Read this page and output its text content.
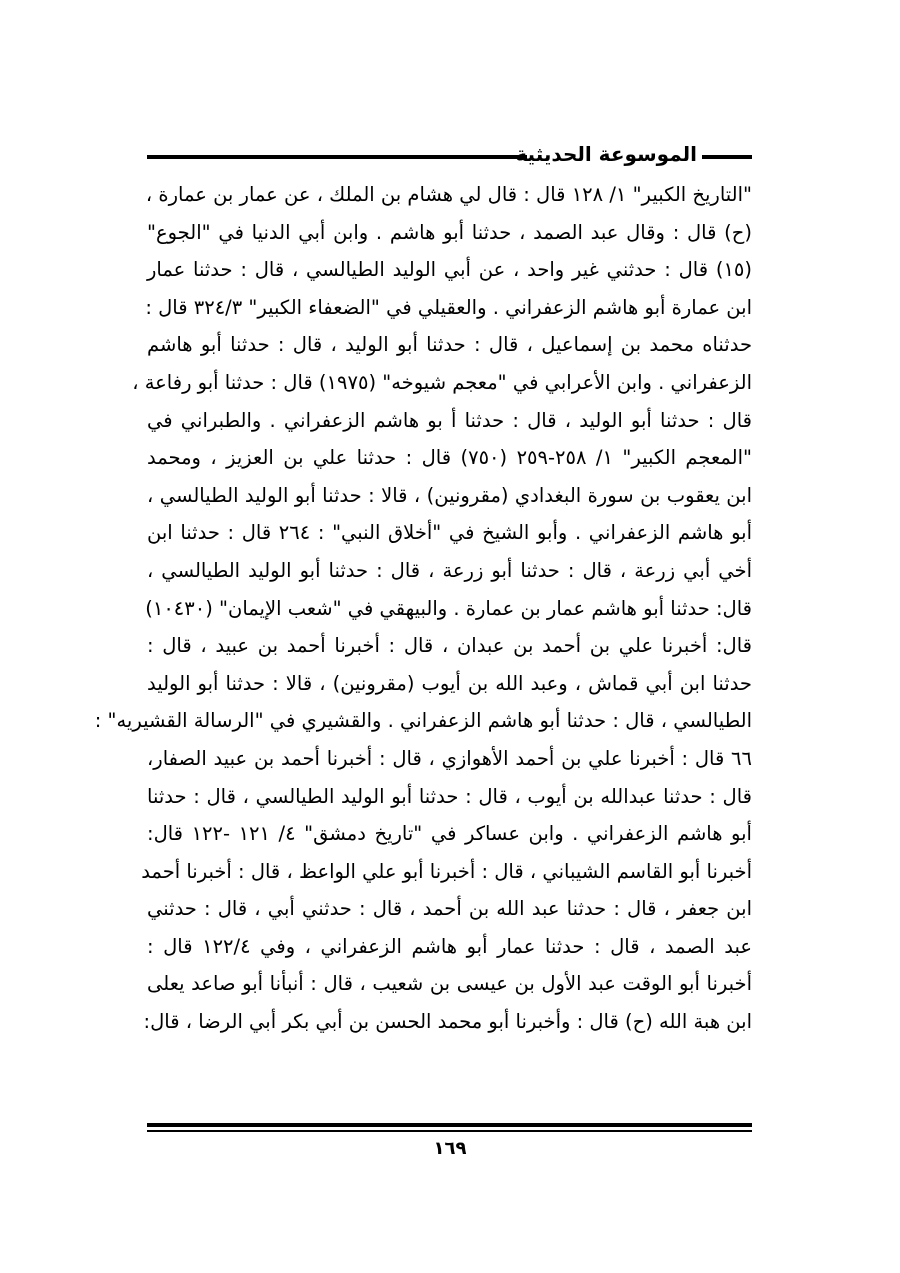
الموسوعة الحديثية
"التاريخ الكبير" ١/ ١٢٨ قال : قال لي هشام بن الملك ، عن عمار بن عمارة ،
(ح) قال : وقال عبد الصمد ، حدثنا أبو هاشم . وابن أبي الدنيا في "الجوع"
(١٥) قال : حدثني غير واحد ، عن أبي الوليد الطيالسي ، قال : حدثنا عمار
ابن عمارة أبو هاشم الزعفراني . والعقيلي في "الضعفاء الكبير" ٣٢٤/٣ قال :
حدثناه محمد بن إسماعيل ، قال : حدثنا أبو الوليد ، قال : حدثنا أبو هاشم
الزعفراني . وابن الأعرابي في "معجم شيوخه" (١٩٧٥) قال : حدثنا أبو رفاعة ،
قال : حدثنا أبو الوليد ، قال : حدثنا أ بو هاشم الزعفراني . والطبراني في
"المعجم الكبير" ١/ ٢٥٨-٢٥٩ (٧٥٠) قال : حدثنا علي بن العزيز ، ومحمد
ابن يعقوب بن سورة البغدادي (مقرونين) ، قالا : حدثنا أبو الوليد الطيالسي ،
أبو هاشم الزعفراني . وأبو الشيخ في "أخلاق النبي" : ٢٦٤ قال : حدثنا ابن
أخي أبي زرعة ، قال : حدثنا أبو زرعة ، قال : حدثنا أبو الوليد الطيالسي ،
قال: حدثنا أبو هاشم عمار بن عمارة . والبيهقي في "شعب الإيمان" (١٠٤٣٠)
قال: أخبرنا علي بن أحمد بن عبدان ، قال : أخبرنا أحمد بن عبيد ، قال :
حدثنا ابن أبي قماش ، وعبد الله بن أيوب (مقرونين) ، قالا : حدثنا أبو الوليد
الطيالسي ، قال : حدثنا أبو هاشم الزعفراني . والقشيري في "الرسالة القشيريه" :
٦٦ قال : أخبرنا علي بن أحمد الأهوازي ، قال : أخبرنا أحمد بن عبيد الصفار،
قال : حدثنا عبدالله بن أيوب ، قال : حدثنا أبو الوليد الطيالسي ، قال : حدثنا
أبو هاشم الزعفراني . وابن عساكر في "تاريخ دمشق" ٤/ ١٢١ -١٢٢ قال:
أخبرنا أبو القاسم الشيباني ، قال : أخبرنا أبو علي الواعظ ، قال : أخبرنا أحمد
ابن جعفر ، قال : حدثنا عبد الله بن أحمد ، قال : حدثني أبي ، قال : حدثني
عبد الصمد ، قال : حدثنا عمار أبو هاشم الزعفراني ، وفي ١٢٢/٤ قال :
أخبرنا أبو الوقت عبد الأول بن عيسى بن شعيب ، قال : أنبأنا أبو صاعد يعلى
ابن هبة الله (ح) قال : وأخبرنا أبو محمد الحسن بن أبي بكر أبي الرضا ، قال:
١٦٩
